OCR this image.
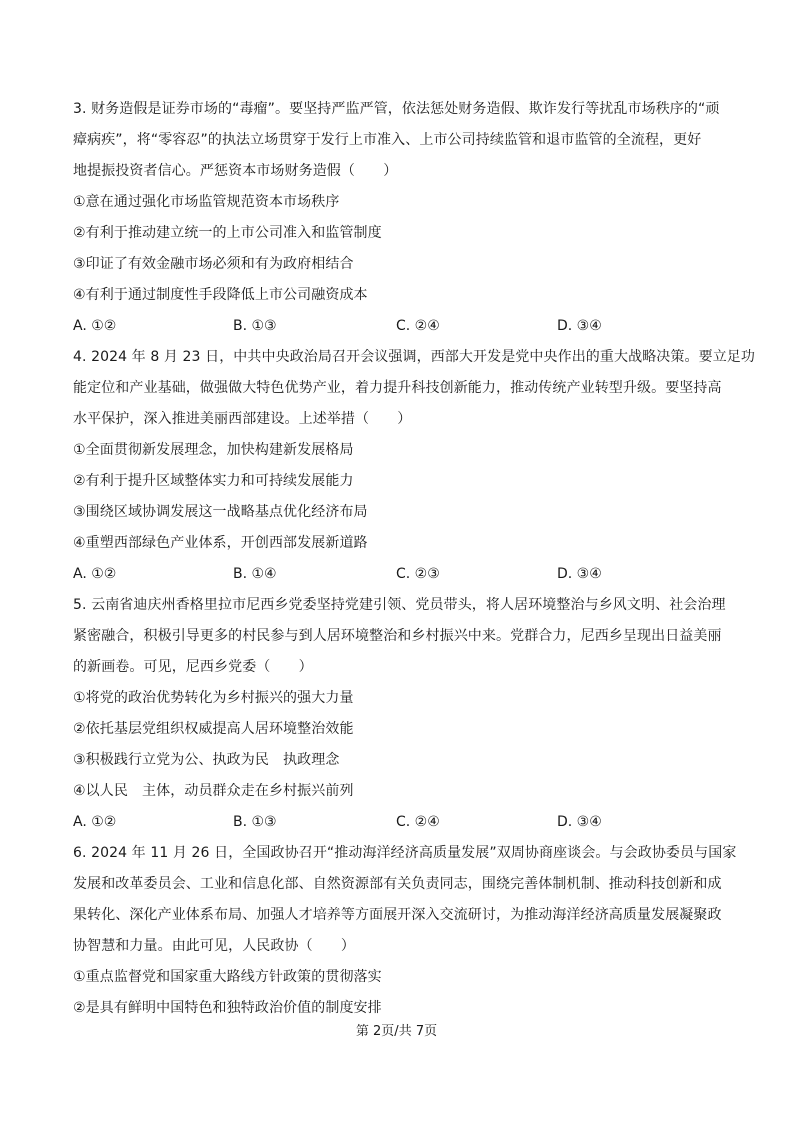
3. 财务造假是证券市场的“毒瘤”。要坚持严监严管，依法惩处财务造假、欺诈发行等扰乱市场秩序的“顽
瘴病疾”，将“零容忍”的执法立场贯穿于发行上市准入、上市公司持续监管和退市监管的全流程，更好
地提振投资者信心。严惩资本市场财务造假（　　）
①意在通过强化市场监管规范资本市场秩序
②有利于推动建立统一的上市公司准入和监管制度
③印证了有效金融市场必须和有为政府相结合
④有利于通过制度性手段降低上市公司融资成本
A. ①②	B. ①③	C. ②④	D. ③④
4. 2024 年 8 月 23 日，中共中央政治局召开会议强调，西部大开发是党中央作出的重大战略决策。要立足功
能定位和产业基础，做强做大特色优势产业，着力提升科技创新能力，推动传统产业转型升级。要坚持高
水平保护，深入推进美丽西部建设。上述举措（　　）
①全面贯彻新发展理念，加快构建新发展格局
②有利于提升区域整体实力和可持续发展能力
③围绕区域协调发展这一战略基点优化经济布局
④重塑西部绿色产业体系，开创西部发展新道路
A. ①②	B. ①④	C. ②③	D. ③④
5. 云南省迪庆州香格里拉市尼西乡党委坚持党建引领、党员带头，将人居环境整治与乡风文明、社会治理
紧密融合，积极引导更多的村民参与到人居环境整治和乡村振兴中来。党群合力，尼西乡呈现出日益美丽
的新画卷。可见，尼西乡党委（　　）
①将党的政治优势转化为乡村振兴的强大力量
②依托基层党组织权威提高人居环境整治效能
③积极践行立党为公、执政为民　执政理念
④以人民　主体，动员群众走在乡村振兴前列
A. ①②	B. ①③	C. ②④	D. ③④
6. 2024 年 11 月 26 日，全国政协召开“推动海洋经济高质量发展”双周协商座谈会。与会政协委员与国家
发展和改革委员会、工业和信息化部、自然资源部有关负责同志，围绕完善体制机制、推动科技创新和成
果转化、深化产业体系布局、加强人才培养等方面展开深入交流研讨，为推动海洋经济高质量发展凝聚政
协智慧和力量。由此可见，人民政协（　　）
①重点监督党和国家重大路线方针政策的贯彻落实
②是具有鲜明中国特色和独特政治价值的制度安排
第 2页/共 7页
